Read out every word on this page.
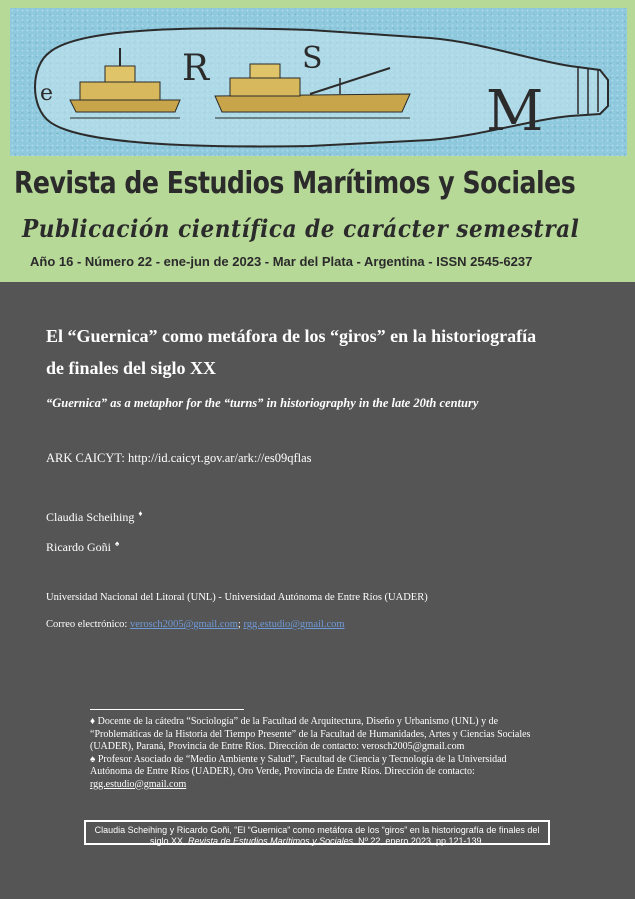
e
R	S
M
Revista de Estudios Marítimos y Sociales
Publicación científica de carácter semestral
Año 16 - Número 22 - ene-jun de 2023 - Mar del Plata - Argentina - ISSN 2545-6237
El “Guernica” como metáfora de los “giros” en la historiografía
de finales del siglo XX
“Guernica” as a metaphor for the “turns” in historiography in the late 20th century
ARK CAICYT: http://id.caicyt.gov.ar/ark://es09qflas
Claudia Scheihing ♦
Ricardo Goñi ♠
Universidad Nacional del Litoral (UNL) - Universidad Autónoma de Entre Ríos (UADER)
Correo electrónico: verosch2005@gmail.com; rgg.estudio@gmail.com

♦ Docente de la cátedra “Sociología” de la Facultad de Arquitectura, Diseño y Urbanismo (UNL) y de “Problemáticas de la Historia del Tiempo Presente” de la Facultad de Humanidades, Artes y Ciencias Sociales (UADER), Paraná, Provincia de Entre Ríos. Dirección de contacto: verosch2005@gmail.com

♠ Profesor Asociado de “Medio Ambiente y Salud”, Facultad de Ciencia y Tecnología de la Universidad Autónoma de Entre Ríos (UADER), Oro Verde, Provincia de Entre Ríos. Dirección de contacto: rgg.estudio@gmail.com

Claudia Scheihing y Ricardo Goñi, “El “Guernica” como metáfora de los “giros” en la historiografía de finales del siglo XX, Revista de Estudios Marítimos y Sociales, Nº 22, enero 2023, pp 121-139.
